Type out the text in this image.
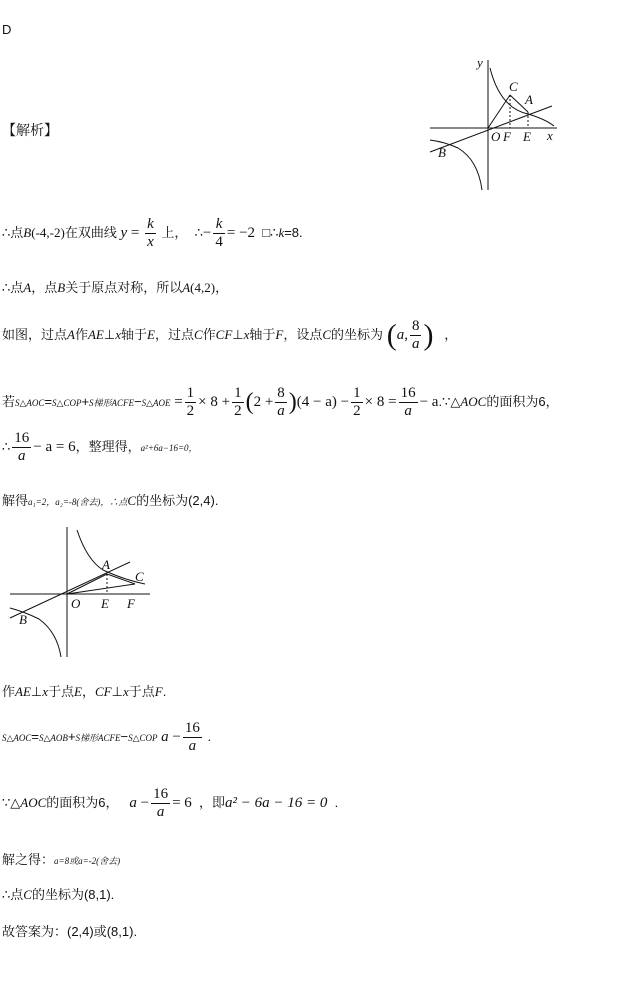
D
【解析】
y
x
C
A
O F E
B
∴点B(-4,-2)在双曲线 $y = \frac{k}{x}$ 上， ∴− $\frac{k}{4} = -2$ □∴k=8.
∴点A，点B关于原点对称，所以A(4,2)，
如图，过点A作AE⊥x轴于E，过点C作CF⊥x轴于F，设点C的坐标为 (a, $\frac{8}{a}$ ) ，
若S△AOC=S△COP+S梯形ACFE−S△AOE = $\frac{1}{2} \times 8 + \frac{1}{2} (2 + \frac{8}{a} )(4 - a) - \frac{1}{2} \times 8 = \frac{16}{a}$ − a.∵△AOC的面积为6，
∴ $\frac{16}{a} - a = 6$，整理得，a²+6a−16=0，
解得a₁=2，a₂=-8(舍去)，∴点C的坐标为(2,4).
A
C
O E F
B
作AE⊥x于点E，CF⊥x于点F.
S△AOC=S△AOB+S梯形ACFE−S△COP $a - \frac{16}{a}$ .
∵△AOC的面积为6， $a - \frac{16}{a} = 6$ ，即a² − 6a − 16 = 0 .
解之得：a=8或a=-2(舍去)
∴点C的坐标为(8,1).
故答案为：(2,4)或(8,1).
